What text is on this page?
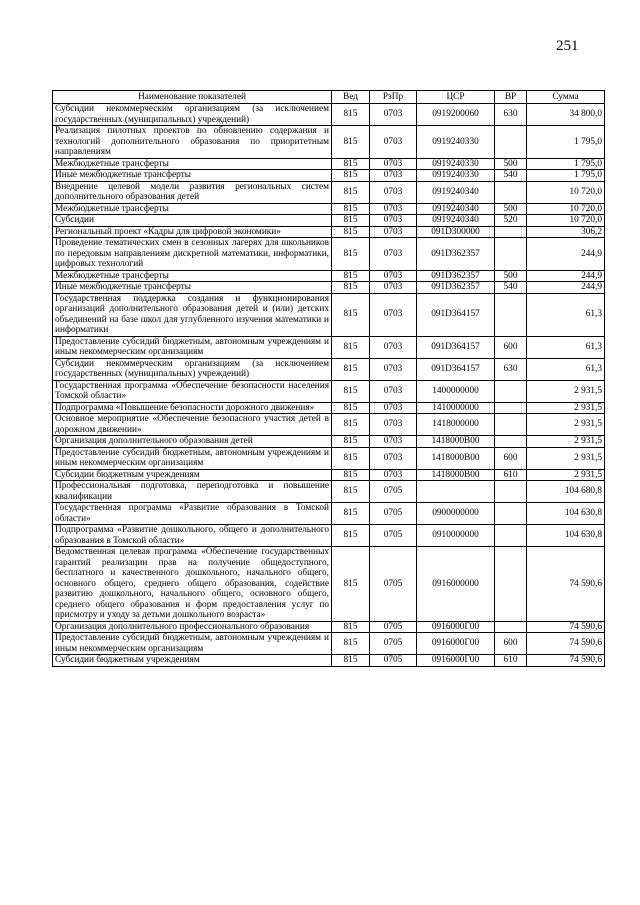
251
Наименование показателей	Вед	РзПр	ЦСР	ВР	Сумма
Субсидии некоммерческим организациям (за исключением государственных (муниципальных) учреждений)	815	0703	0919200060	630	34 800,0
Реализация пилотных проектов по обновлению содержания и технологий дополнительного образования по приоритетным направлениям	815	0703	0919240330		1 795,0
Межбюджетные трансферты	815	0703	0919240330	500	1 795,0
Иные межбюджетные трансферты	815	0703	0919240330	540	1 795,0
Внедрение целевой модели развития региональных систем дополнительного образования детей	815	0703	0919240340		10 720,0
Межбюджетные трансферты	815	0703	0919240340	500	10 720,0
Субсидии	815	0703	0919240340	520	10 720,0
Региональный проект «Кадры для цифровой экономики»	815	0703	091D300000		306,2
Проведение тематических смен в сезонных лагерях для школьников по передовым направлениям дискретной математики, информатики, цифровых технологий	815	0703	091D362357		244,9
Межбюджетные трансферты	815	0703	091D362357	500	244,9
Иные межбюджетные трансферты	815	0703	091D362357	540	244,9
Государственная поддержка создания и функционирования организаций дополнительного образования детей и (или) детских объединений на базе школ для углубленного изучения математики и информатики	815	0703	091D364157		61,3
Предоставление субсидий бюджетным, автономным учреждениям и иным некоммерческим организациям	815	0703	091D364157	600	61,3
Субсидии некоммерческим организациям (за исключением государственных (муниципальных) учреждений)	815	0703	091D364157	630	61,3
Государственная программа «Обеспечение безопасности населения Томской области»	815	0703	1400000000		2 931,5
Подпрограмма «Повышение безопасности дорожного движения»	815	0703	1410000000		2 931,5
Основное мероприятие «Обеспечение безопасного участия детей в дорожном движении»	815	0703	1418000000		2 931,5
Организация дополнительного образования детей	815	0703	1418000В00		2 931,5
Предоставление субсидий бюджетным, автономным учреждениям и иным некоммерческим организациям	815	0703	1418000В00	600	2 931,5
Субсидии бюджетным учреждениям	815	0703	1418000В00	610	2 931,5
Профессиональная подготовка, переподготовка и повышение квалификации	815	0705			104 680,8
Государственная программа «Развитие образования в Томской области»	815	0705	0900000000		104 630,8
Подпрограмма «Развитие дошкольного, общего и дополнительного образования в Томской области»	815	0705	0910000000		104 630,8
Ведомственная целевая программа «Обеспечение государственных гарантий реализации прав на получение общедоступного, бесплатного и качественного дошкольного, начального общего, основного общего, среднего общего образования, содействие развитию дошкольного, начального общего, основного общего, среднего общего образования и форм предоставления услуг по присмотру и уходу за детьми дошкольного возраста»	815	0705	0916000000		74 590,6
Организация дополнительного профессионального образования	815	0705	0916000Г00		74 590,6
Предоставление субсидий бюджетным, автономным учреждениям и иным некоммерческим организациям	815	0705	0916000Г00	600	74 590,6
Субсидии бюджетным учреждениям	815	0705	0916000Г00	610	74 590,6
